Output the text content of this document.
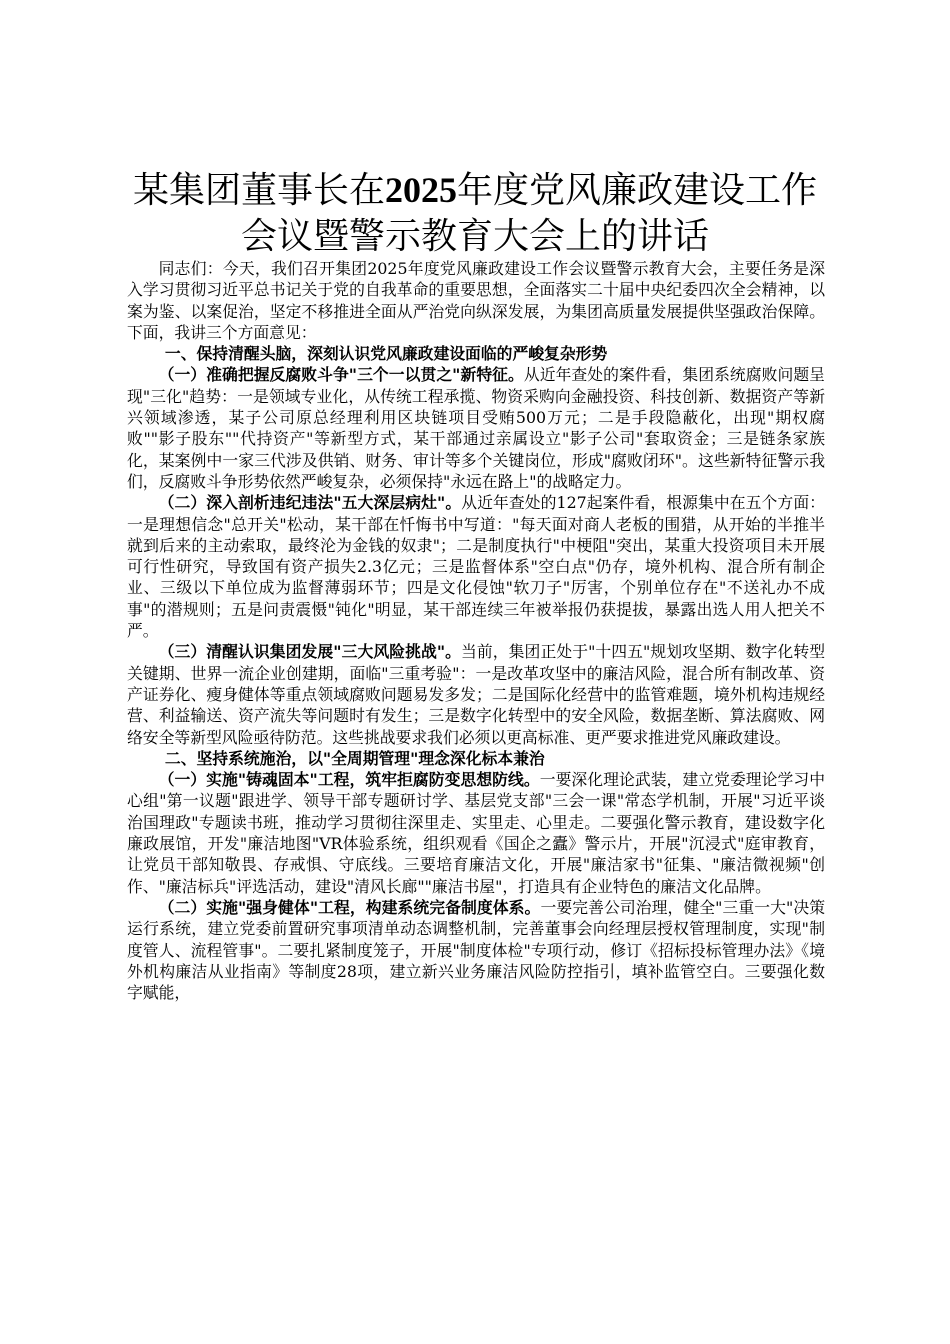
某集团董事长在2025年度党风廉政建设工作会议暨警示教育大会上的讲话

同志们：今天，我们召开集团2025年度党风廉政建设工作会议暨警示教育大会，主要任务是深入学习贯彻习近平总书记关于党的自我革命的重要思想，全面落实二十届中央纪委四次全会精神，以案为鉴、以案促治，坚定不移推进全面从严治党向纵深发展，为集团高质量发展提供坚强政治保障。下面，我讲三个方面意见：

一、保持清醒头脑，深刻认识党风廉政建设面临的严峻复杂形势

（一）准确把握反腐败斗争"三个一以贯之"新特征。从近年查处的案件看，集团系统腐败问题呈现"三化"趋势：一是领域专业化，从传统工程承揽、物资采购向金融投资、科技创新、数据资产等新兴领域渗透，某子公司原总经理利用区块链项目受贿500万元；二是手段隐蔽化，出现"期权腐败""影子股东""代持资产"等新型方式，某干部通过亲属设立"影子公司"套取资金；三是链条家族化，某案例中一家三代涉及供销、财务、审计等多个关键岗位，形成"腐败闭环"。这些新特征警示我们，反腐败斗争形势依然严峻复杂，必须保持"永远在路上"的战略定力。

（二）深入剖析违纪违法"五大深层病灶"。从近年查处的127起案件看，根源集中在五个方面：一是理想信念"总开关"松动，某干部在忏悔书中写道："每天面对商人老板的围猎，从开始的半推半就到后来的主动索取，最终沦为金钱的奴隶"；二是制度执行"中梗阻"突出，某重大投资项目未开展可行性研究，导致国有资产损失2.3亿元；三是监督体系"空白点"仍存，境外机构、混合所有制企业、三级以下单位成为监督薄弱环节；四是文化侵蚀"软刀子"厉害，个别单位存在"不送礼办不成事"的潜规则；五是问责震慑"钝化"明显，某干部连续三年被举报仍获提拔，暴露出选人用人把关不严。

（三）清醒认识集团发展"三大风险挑战"。当前，集团正处于"十四五"规划攻坚期、数字化转型关键期、世界一流企业创建期，面临"三重考验"：一是改革攻坚中的廉洁风险，混合所有制改革、资产证券化、瘦身健体等重点领域腐败问题易发多发；二是国际化经营中的监管难题，境外机构违规经营、利益输送、资产流失等问题时有发生；三是数字化转型中的安全风险，数据垄断、算法腐败、网络安全等新型风险亟待防范。这些挑战要求我们必须以更高标准、更严要求推进党风廉政建设。

二、坚持系统施治，以"全周期管理"理念深化标本兼治

（一）实施"铸魂固本"工程，筑牢拒腐防变思想防线。一要深化理论武装，建立党委理论学习中心组"第一议题"跟进学、领导干部专题研讨学、基层党支部"三会一课"常态学机制，开展"习近平谈治国理政"专题读书班，推动学习贯彻往深里走、实里走、心里走。二要强化警示教育，建设数字化廉政展馆，开发"廉洁地图"VR体验系统，组织观看《国企之蠹》警示片，开展"沉浸式"庭审教育，让党员干部知敬畏、存戒惧、守底线。三要培育廉洁文化，开展"廉洁家书"征集、"廉洁微视频"创作、"廉洁标兵"评选活动，建设"清风长廊""廉洁书屋"，打造具有企业特色的廉洁文化品牌。

（二）实施"强身健体"工程，构建系统完备制度体系。一要完善公司治理，健全"三重一大"决策运行系统，建立党委前置研究事项清单动态调整机制，完善董事会向经理层授权管理制度，实现"制度管人、流程管事"。二要扎紧制度笼子，开展"制度体检"专项行动，修订《招标投标管理办法》《境外机构廉洁从业指南》等制度28项，建立新兴业务廉洁风险防控指引，填补监管空白。三要强化数字赋能，
